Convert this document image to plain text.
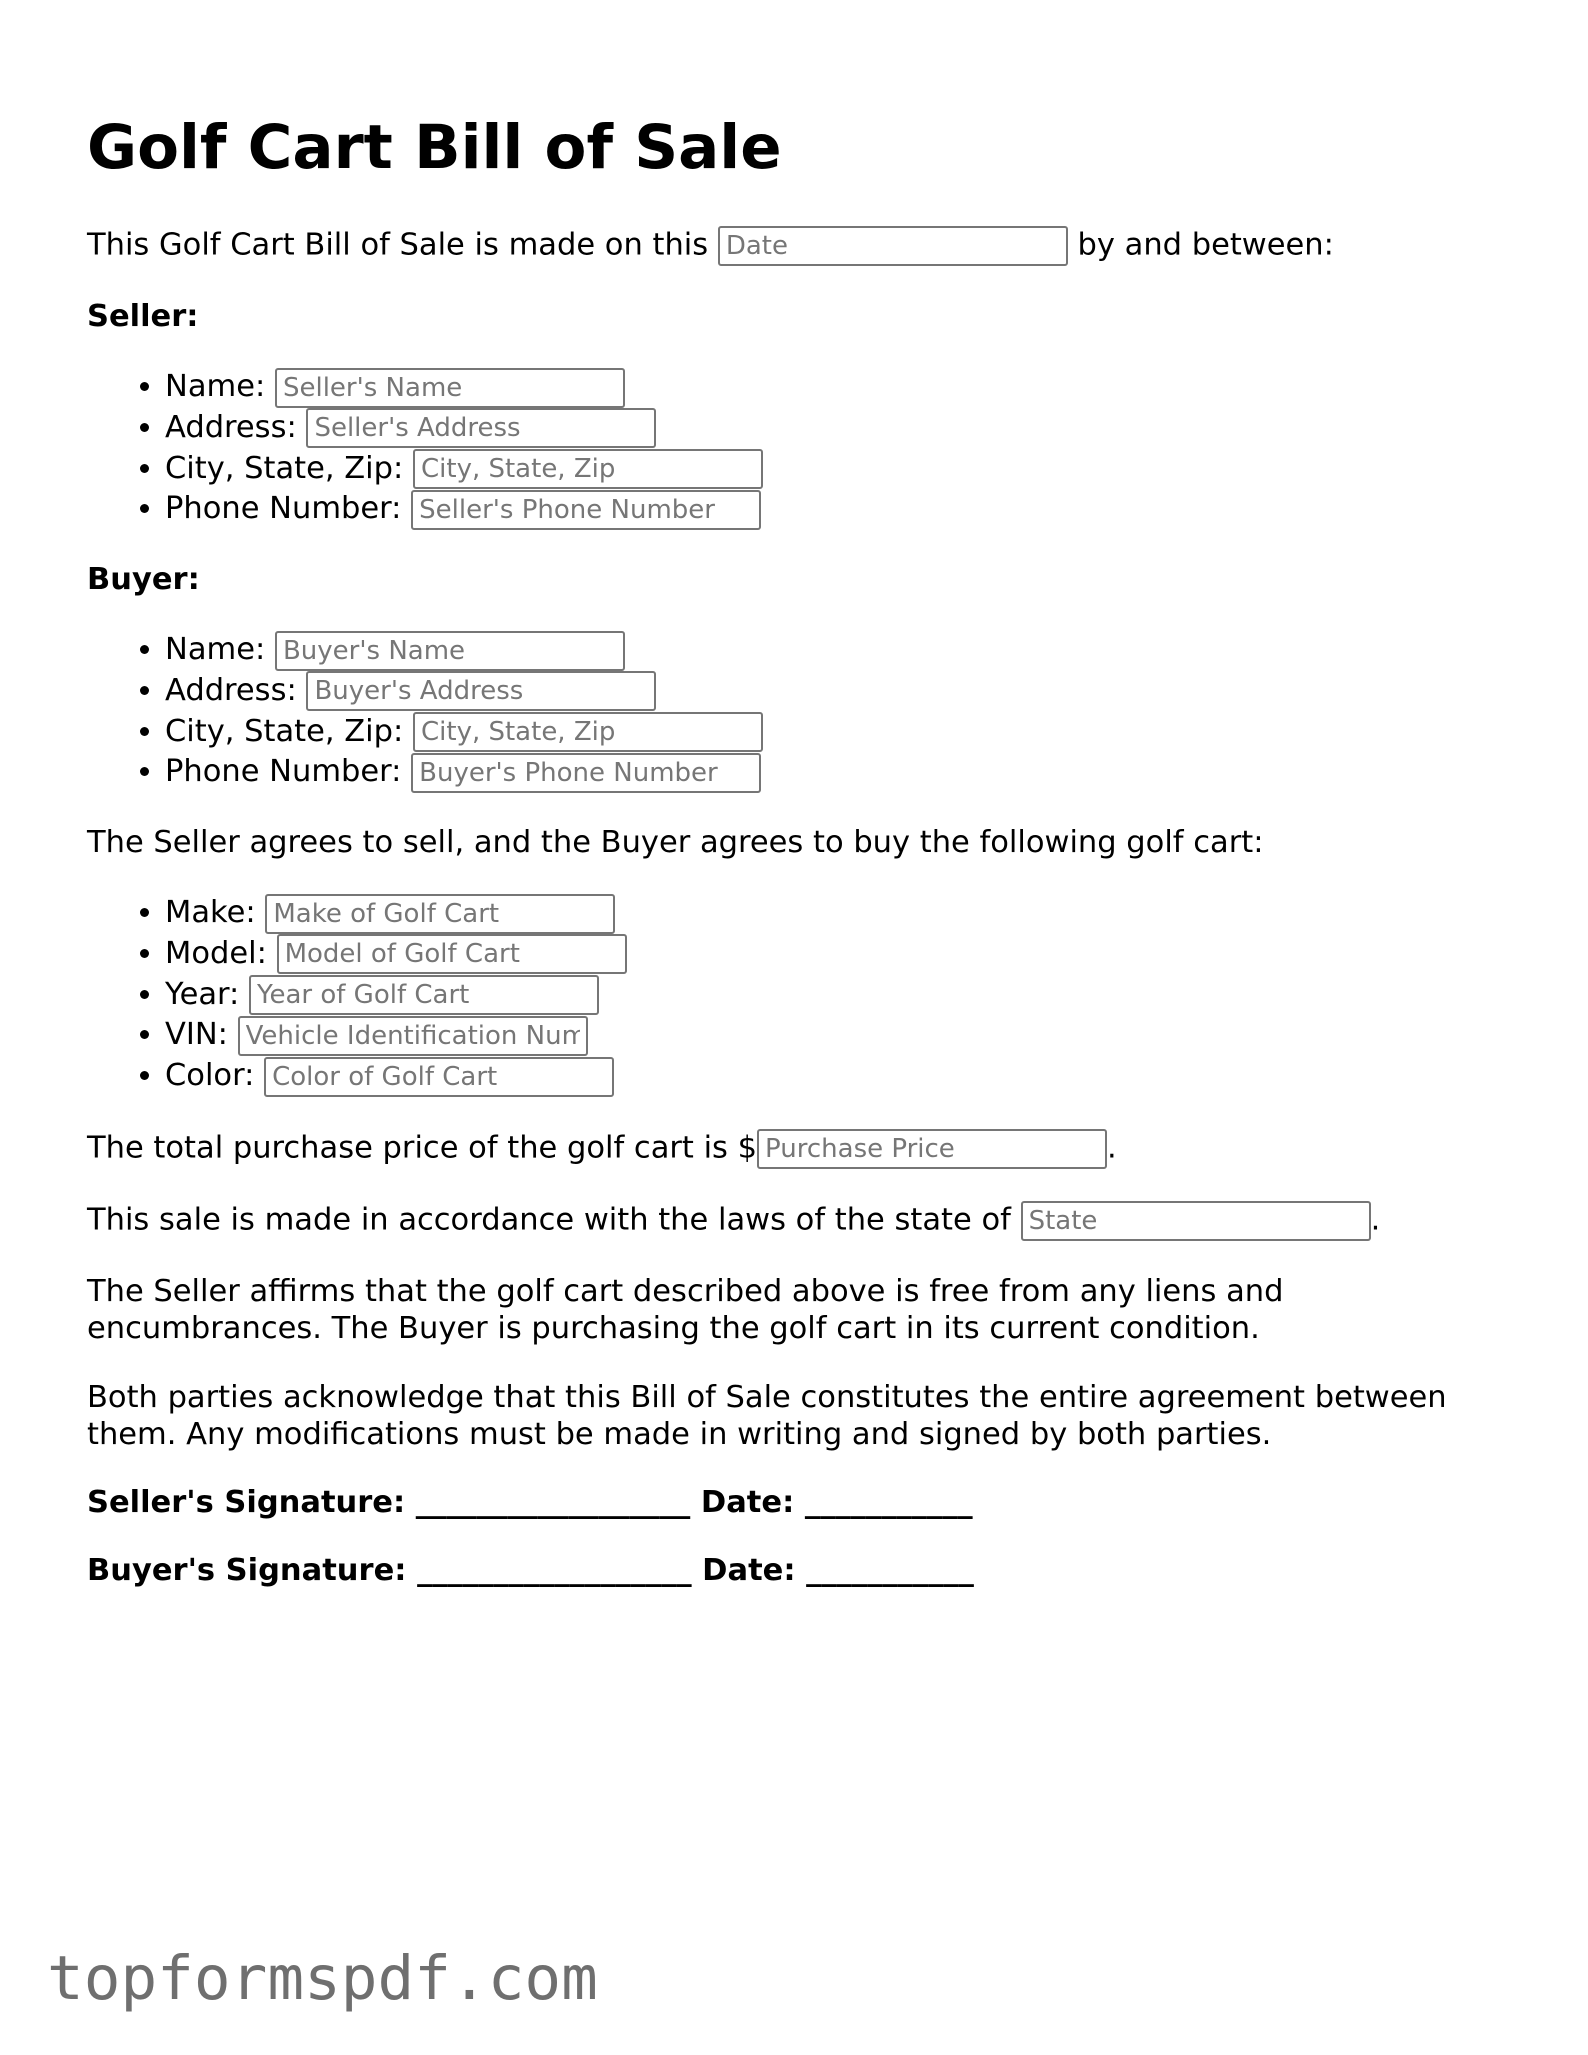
Golf Cart Bill of Sale
This Golf Cart Bill of Sale is made on this Date	by and between:
Seller:
• Name: Seller's Name
• Address: Seller's Address
• City, State, Zip: City, State, Zip
• Phone Number: Seller's Phone Number
Buyer:
• Name: Buyer's Name
• Address: Buyer's Address
• City, State, Zip: City, State, Zip
• Phone Number: Buyer's Phone Number
The Seller agrees to sell, and the Buyer agrees to buy the following golf cart:
• Make: Make of Golf Cart
• Model: Model of Golf Cart
• Year: Year of Golf Cart
• VIN: Vehicle Identification Number
• Color: Color of Golf Cart
The total purchase price of the golf cart is $Purchase Price	.
This sale is made in accordance with the laws of the state of State	.
The Seller affirms that the golf cart described above is free from any liens and
encumbrances. The Buyer is purchasing the golf cart in its current condition.
Both parties acknowledge that this Bill of Sale constitutes the entire agreement between
them. Any modifications must be made in writing and signed by both parties.
Seller's Signature: __________________ Date: ___________
Buyer's Signature: __________________ Date: ___________
topformspdf.com
